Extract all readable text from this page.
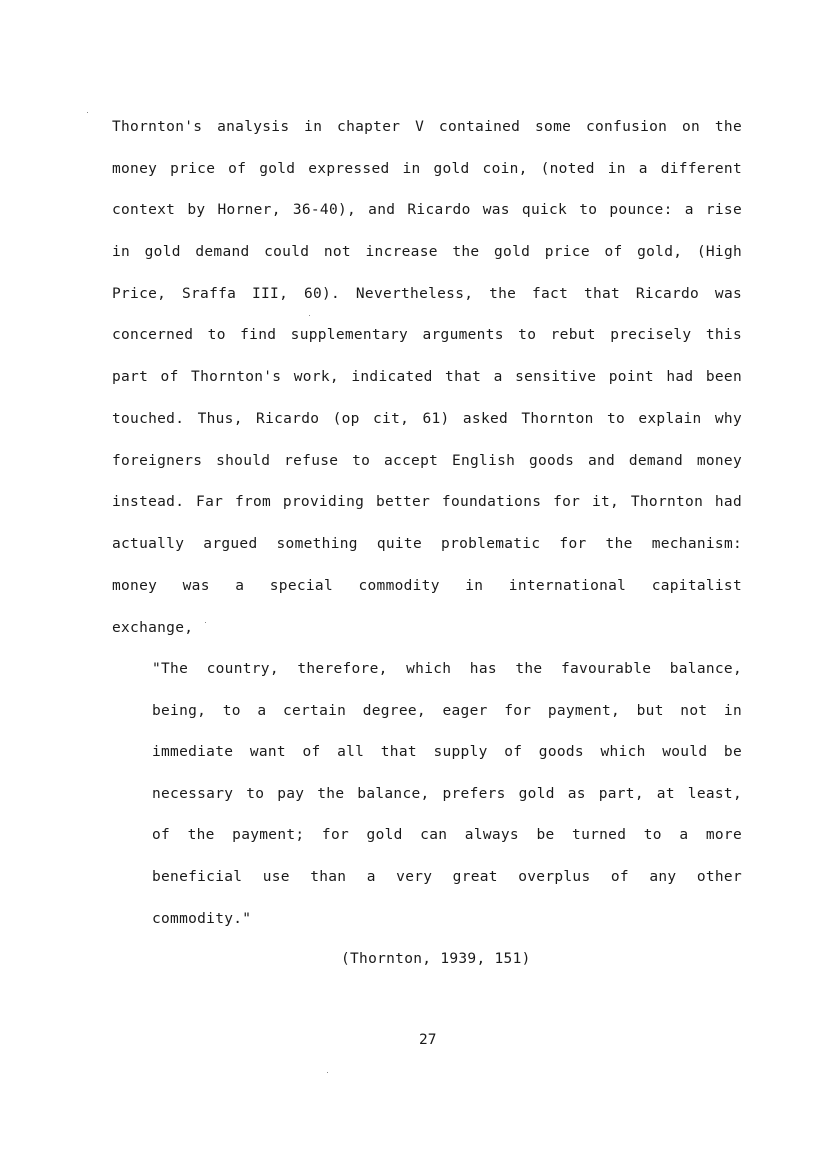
Thornton's analysis in chapter V contained some confusion on the
money price of gold expressed in gold coin, (noted in a different
context by Horner, 36-40), and Ricardo was quick to pounce: a rise
in gold demand could not increase the gold price of gold, (High
Price, Sraffa III, 60). Nevertheless, the fact that Ricardo was
concerned to find supplementary arguments to rebut precisely this
part of Thornton's work, indicated that a sensitive point had been
touched. Thus, Ricardo (op cit, 61) asked Thornton to explain why
foreigners should refuse to accept English goods and demand money
instead. Far from providing better foundations for it, Thornton had
actually argued something quite problematic for the mechanism:
money was a special commodity in international capitalist
exchange,
"The country, therefore, which has the favourable balance,
being, to a certain degree, eager for payment, but not in
immediate want of all that supply of goods which would be
necessary to pay the balance, prefers gold as part, at least,
of the payment; for gold can always be turned to a more
beneficial use than a very great overplus of any other
commodity."
(Thornton, 1939, 151)
27
